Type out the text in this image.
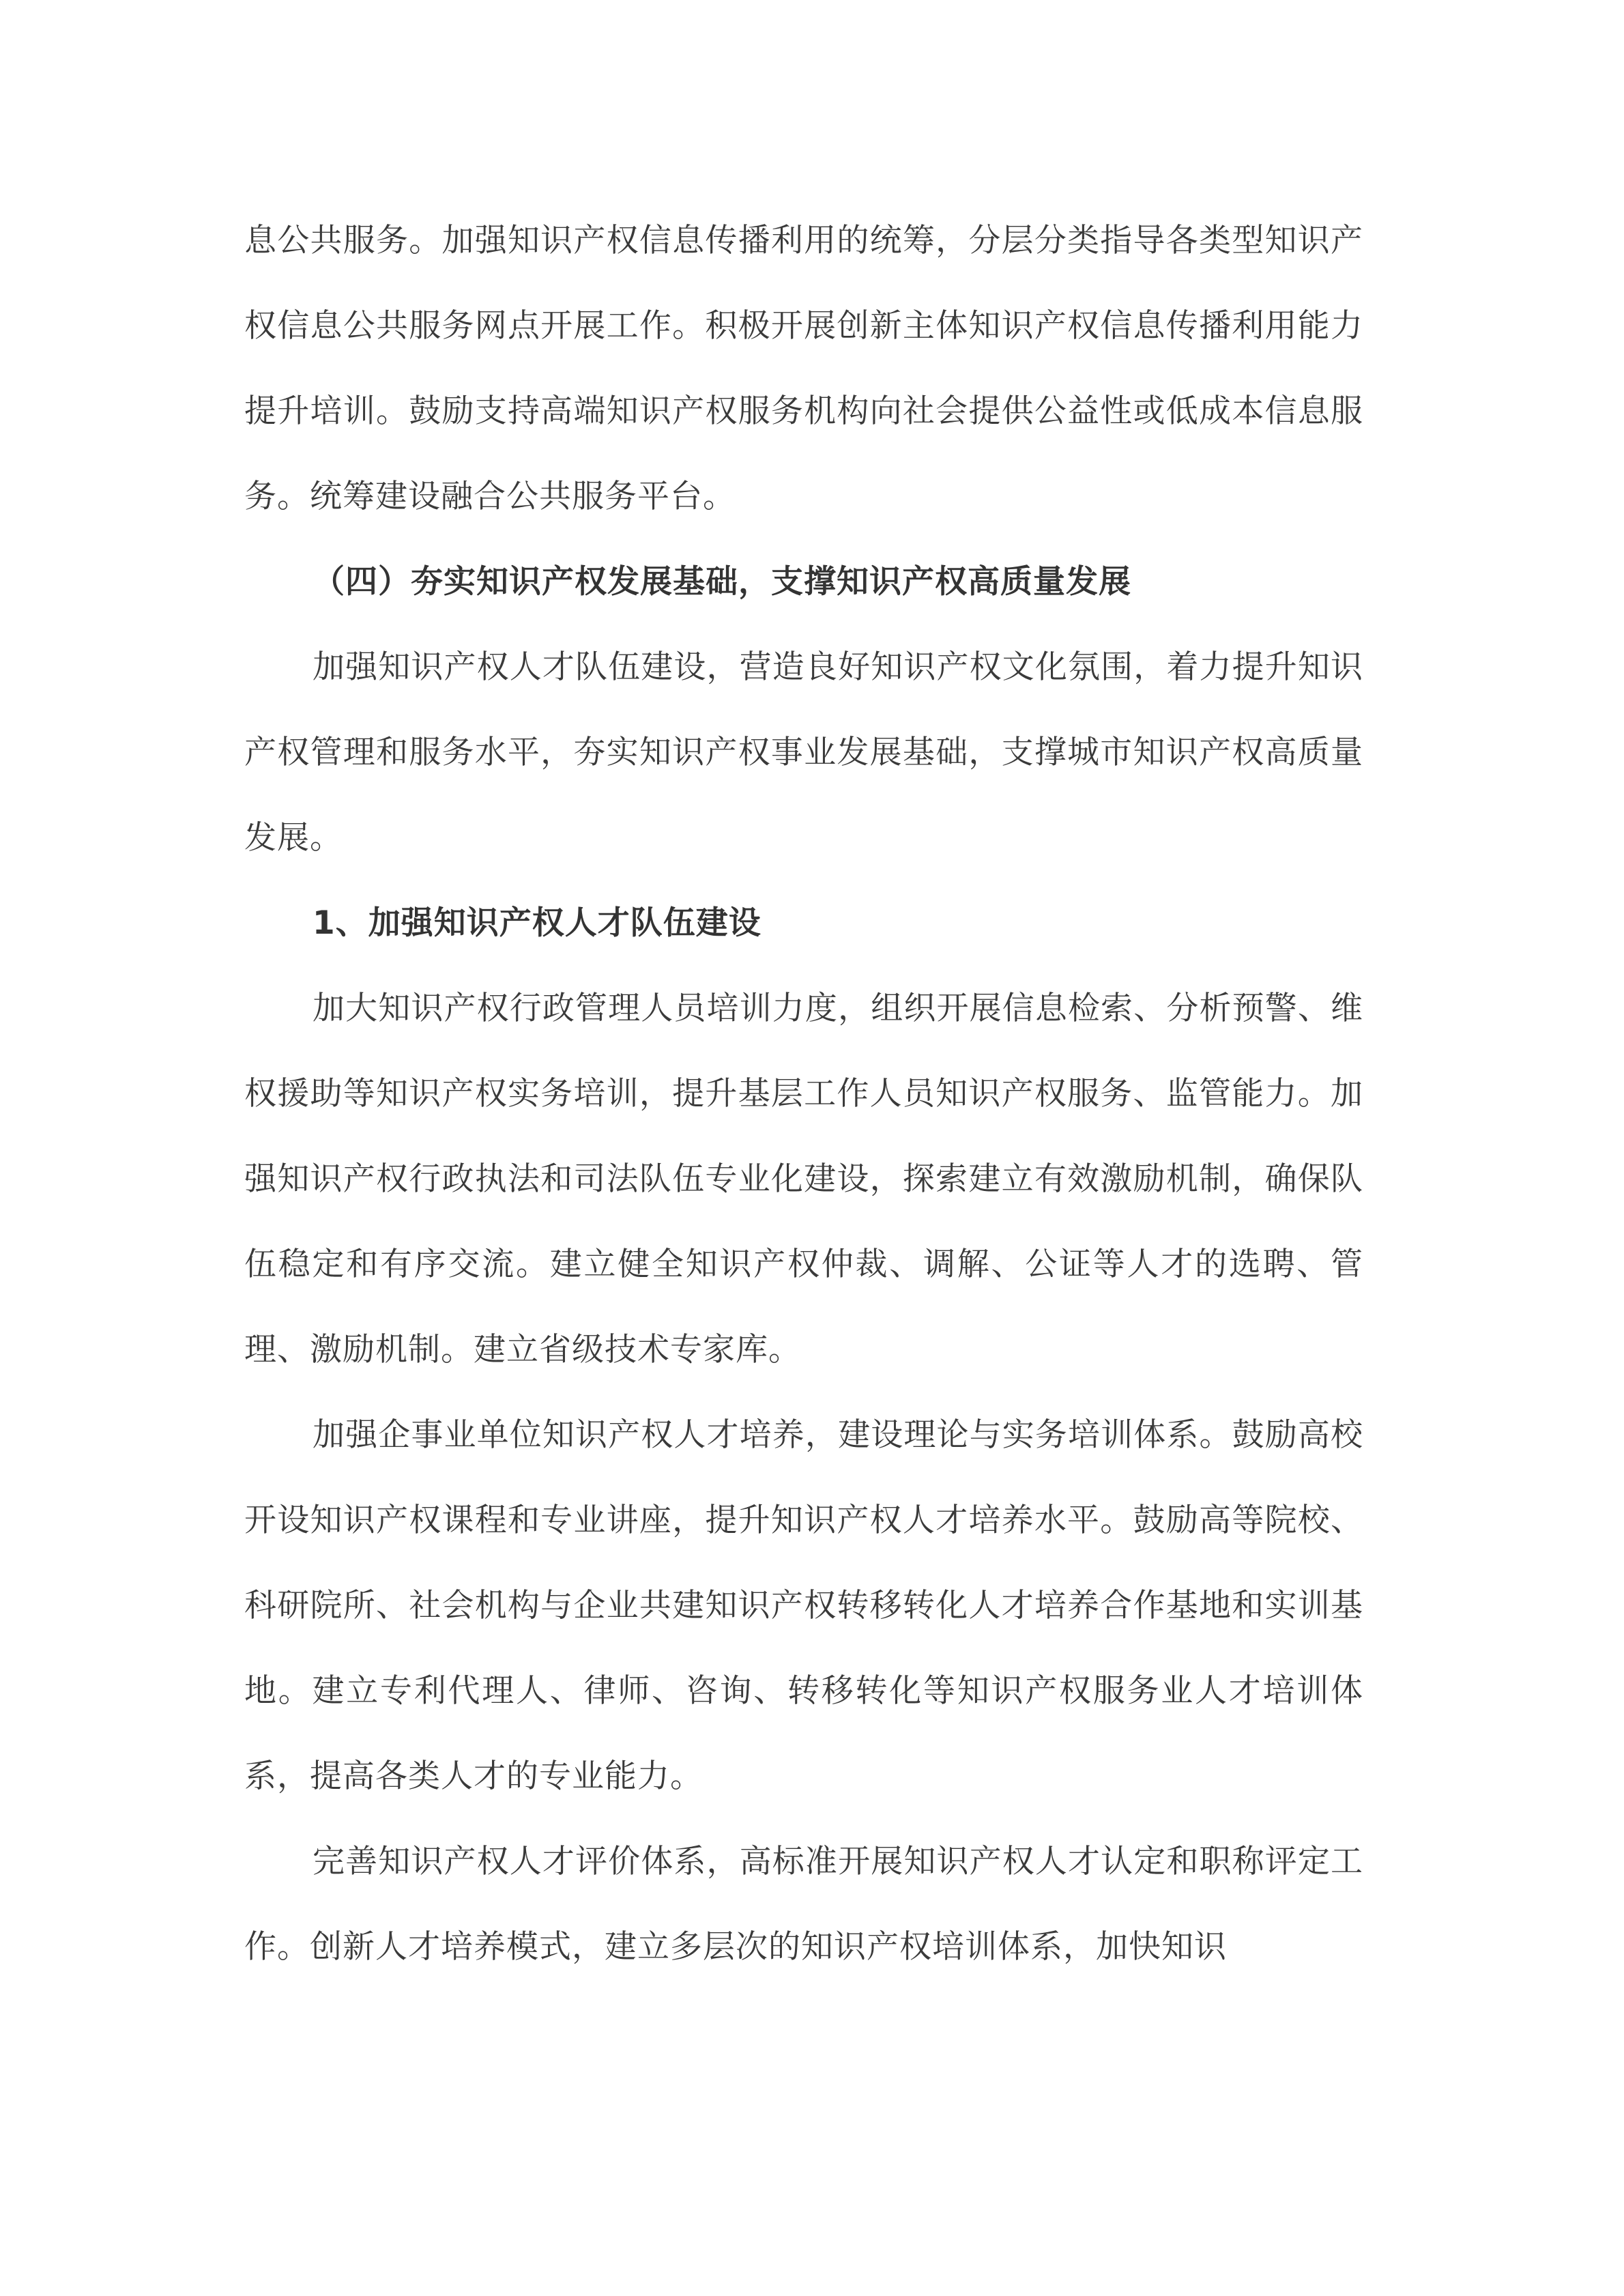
息公共服务。加强知识产权信息传播利用的统筹，分层分类指导各类型知识产权信息公共服务网点开展工作。积极开展创新主体知识产权信息传播利用能力提升培训。鼓励支持高端知识产权服务机构向社会提供公益性或低成本信息服务。统筹建设融合公共服务平台。

（四）夯实知识产权发展基础，支撑知识产权高质量发展

加强知识产权人才队伍建设，营造良好知识产权文化氛围，着力提升知识产权管理和服务水平，夯实知识产权事业发展基础，支撑城市知识产权高质量发展。

1、加强知识产权人才队伍建设

加大知识产权行政管理人员培训力度，组织开展信息检索、分析预警、维权援助等知识产权实务培训，提升基层工作人员知识产权服务、监管能力。加强知识产权行政执法和司法队伍专业化建设，探索建立有效激励机制，确保队伍稳定和有序交流。建立健全知识产权仲裁、调解、公证等人才的选聘、管理、激励机制。建立省级技术专家库。

加强企事业单位知识产权人才培养，建设理论与实务培训体系。鼓励高校开设知识产权课程和专业讲座，提升知识产权人才培养水平。鼓励高等院校、科研院所、社会机构与企业共建知识产权转移转化人才培养合作基地和实训基地。建立专利代理人、律师、咨询、转移转化等知识产权服务业人才培训体系，提高各类人才的专业能力。

完善知识产权人才评价体系，高标准开展知识产权人才认定和职称评定工作。创新人才培养模式，建立多层次的知识产权培训体系，加快知识
